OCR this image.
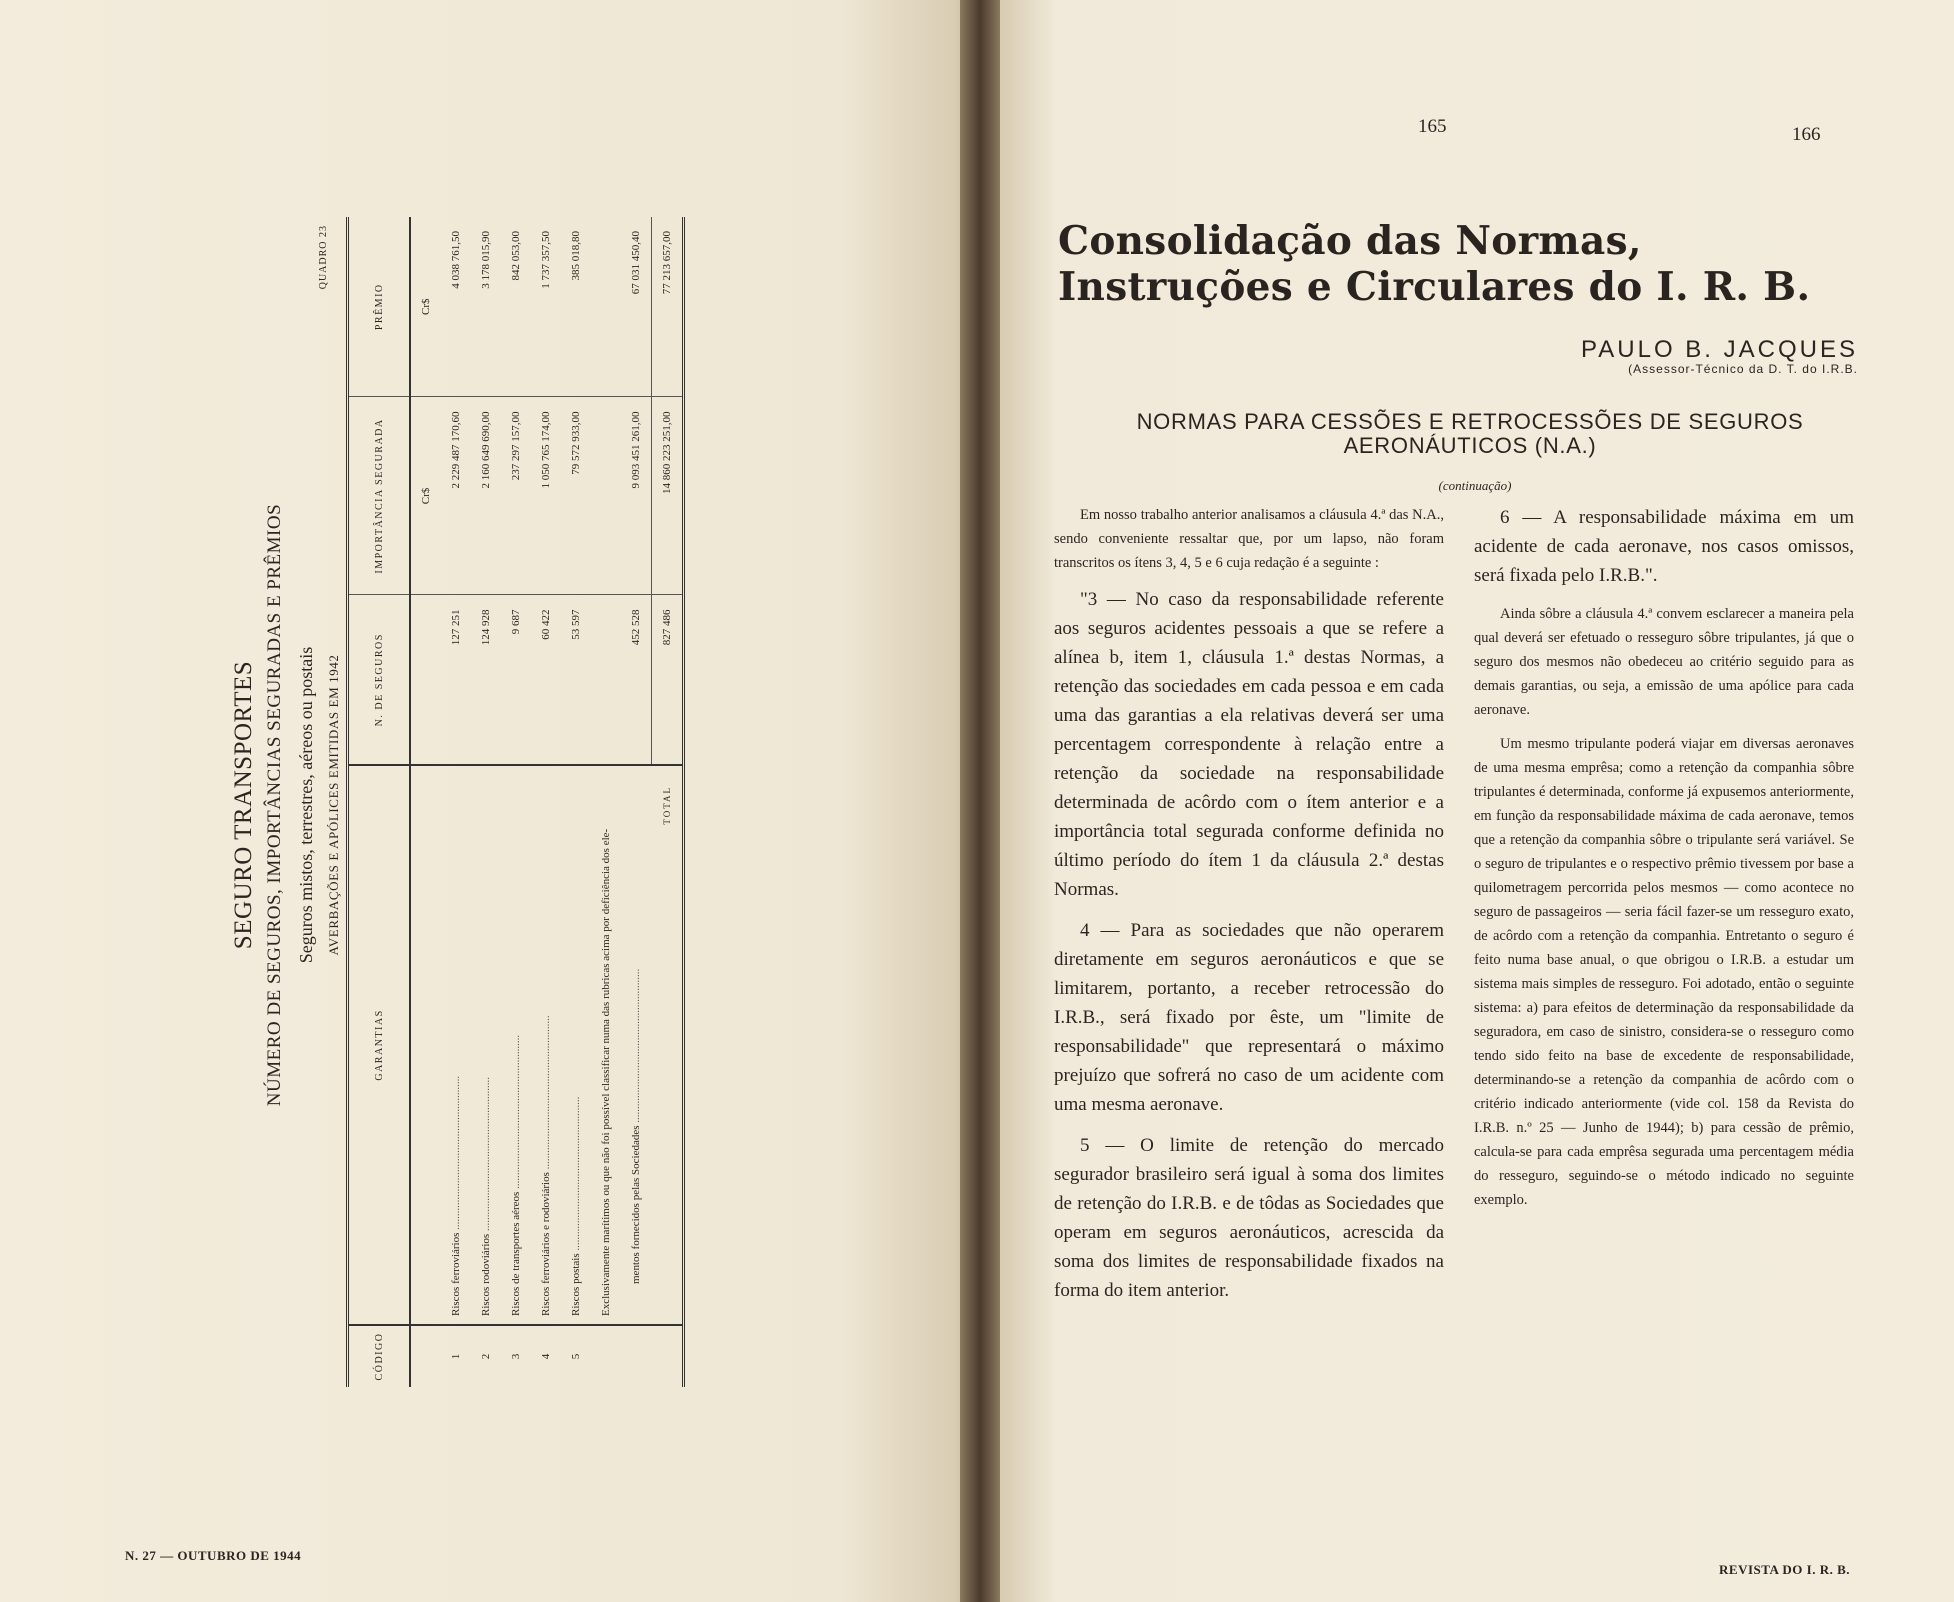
SEGURO TRANSPORTES NÚMERO DE SEGUROS, IMPORTÂNCIAS SEGURADAS E PRÊMIOS Seguros mistos, terrestres, aéreos ou postais AVERBAÇÕES E APÓLICES EMITIDAS EM 1942
QUADRO 23
CÓDIGO	GARANTIAS	N. DE SEGUROS	IMPORTÂNCIA SEGURADA	PRÊMIO
			Cr$	Cr$
1	Riscos ferroviários .....	127 251	2 229 487 170,60	4 038 761,50
2	Riscos rodoviários .....	124 928	2 160 649 690,00	3 178 015,90
3	Riscos de transportes aéreos .....	9 687	237 297 157,00	842 053,00
4	Riscos ferroviários e rodoviários .....	60 422	1 050 765 174,00	1 737 357,50
5	Riscos postais .....	53 597	79 572 933,00	385 018,80
	Exclusivamente marítimos ou que não foi possível classificar numa das rubricas acima por deficiência dos ele-			
	mentos fornecidos pelas Sociedades .....	452 528	9 093 451 261,00	67 031 450,40
	TOTAL	827 486	14 860 223 251,00	77 213 657,00
N. 27 — OUTUBRO DE 1944
165	166
Consolidação das Normas,
Instruções e Circulares do I. R. B.
PAULO B. JACQUES
(Assessor-Técnico da D. T. do I.R.B.
NORMAS PARA CESSÕES E RETROCESSÕES DE SEGUROS AERONÁUTICOS (N.A.)
(continuação)

Em nosso trabalho anterior analisamos a cláusula 4.ª das N.A., sendo conveniente ressaltar que, por um lapso, não foram transcritos os ítens 3, 4, 5 e 6 cuja redação é a seguinte :

"3 — No caso da responsabilidade referente aos seguros acidentes pessoais a que se refere a alínea b, item 1, cláusula 1.ª destas Normas, a retenção das sociedades em cada pessoa e em cada uma das garantias a ela relativas deverá ser uma percentagem correspondente à relação entre a retenção da sociedade na responsabilidade determinada de acôrdo com o ítem anterior e a importância total segurada conforme definida no último período do ítem 1 da cláusula 2.ª destas Normas.

4 — Para as sociedades que não operarem diretamente em seguros aeronáuticos e que se limitarem, portanto, a receber retrocessão do I.R.B., será fixado por êste, um "limite de responsabilidade" que representará o máximo prejuízo que sofrerá no caso de um acidente com uma mesma aeronave.

5 — O limite de retenção do mercado segurador brasileiro será igual à soma dos limites de retenção do I.R.B. e de tôdas as Sociedades que operam em seguros aeronáuticos, acrescida da soma dos limites de responsabilidade fixados na forma do item anterior.

6 — A responsabilidade máxima em um acidente de cada aeronave, nos casos omissos, será fixada pelo I.R.B.".

Ainda sôbre a cláusula 4.ª convem esclarecer a maneira pela qual deverá ser efetuado o resseguro sôbre tripulantes, já que o seguro dos mesmos não obedeceu ao critério seguido para as demais garantias, ou seja, a emissão de uma apólice para cada aeronave.

Um mesmo tripulante poderá viajar em diversas aeronaves de uma mesma emprêsa; como a retenção da companhia sôbre tripulantes é determinada, conforme já expusemos anteriormente, em função da responsabilidade máxima de cada aeronave, temos que a retenção da companhia sôbre o tripulante será variável. Se o seguro de tripulantes e o respectivo prêmio tivessem por base a quilometragem percorrida pelos mesmos — como acontece no seguro de passageiros — seria fácil fazer-se um resseguro exato, de acôrdo com a retenção da companhia. Entretanto o seguro é feito numa base anual, o que obrigou o I.R.B. a estudar um sistema mais simples de resseguro. Foi adotado, então o seguinte sistema: a) para efeitos de determinação da responsabilidade da seguradora, em caso de sinistro, considera-se o resseguro como tendo sido feito na base de excedente de responsabilidade, determinando-se a retenção da companhia de acôrdo com o critério indicado anteriormente (vide col. 158 da Revista do I.R.B. n.º 25 — Junho de 1944); b) para cessão de prêmio, calcula-se para cada emprêsa segurada uma percentagem média do resseguro, seguindo-se o método indicado no seguinte exemplo.

REVISTA DO I. R. B.
